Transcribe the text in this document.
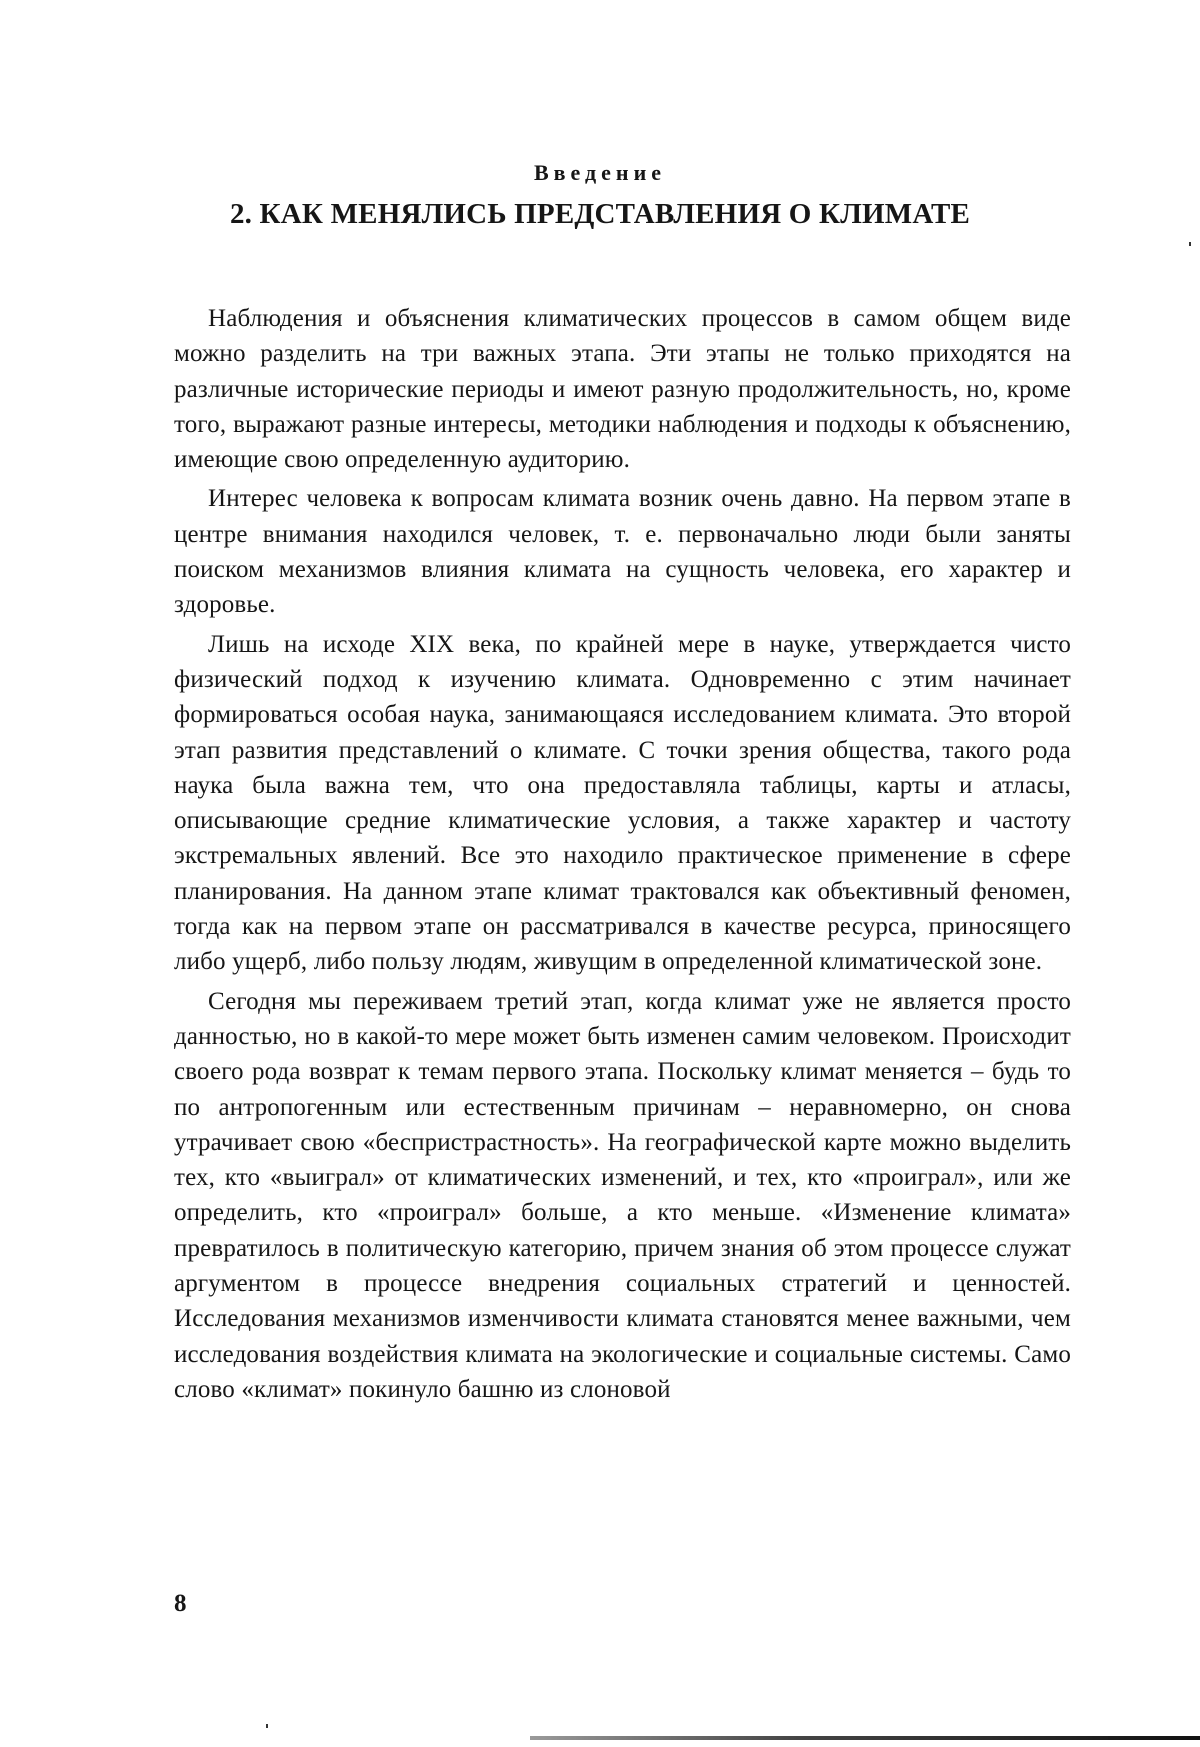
Введение
2. КАК МЕНЯЛИСЬ ПРЕДСТАВЛЕНИЯ О КЛИМАТЕ

Наблюдения и объяснения климатических процессов в самом общем виде можно разделить на три важных этапа. Эти этапы не только приходятся на различные исторические периоды и имеют разную продолжительность, но, кроме того, выражают разные интересы, методики наблюдения и подходы к объяснению, имеющие свою определенную аудиторию.

Интерес человека к вопросам климата возник очень давно. На первом этапе в центре внимания находился человек, т. е. первоначально люди были заняты поиском механизмов влияния климата на сущность человека, его характер и здоровье.

Лишь на исходе XIX века, по крайней мере в науке, утверждается чисто физический подход к изучению климата. Одновременно с этим начинает формироваться особая наука, занимающаяся исследованием климата. Это второй этап развития представлений о климате. С точки зрения общества, такого рода наука была важна тем, что она предоставляла таблицы, карты и атласы, описывающие средние климатические условия, а также характер и частоту экстремальных явлений. Все это находило практическое применение в сфере планирования. На данном этапе климат трактовался как объективный феномен, тогда как на первом этапе он рассматривался в качестве ресурса, приносящего либо ущерб, либо пользу людям, живущим в определенной климатической зоне.

Сегодня мы переживаем третий этап, когда климат уже не является просто данностью, но в какой-то мере может быть изменен самим человеком. Происходит своего рода возврат к темам первого этапа. Поскольку климат меняется – будь то по антропогенным или естественным причинам – неравномерно, он снова утрачивает свою «беспристрастность». На географической карте можно выделить тех, кто «выиграл» от климатических изменений, и тех, кто «проиграл», или же определить, кто «проиграл» больше, а кто меньше. «Изменение климата» превратилось в политическую категорию, причем знания об этом процессе служат аргументом в процессе внедрения социальных стратегий и ценностей. Исследования механизмов изменчивости климата становятся менее важными, чем исследования воздействия климата на экологические и социальные системы. Само слово «климат» покинуло башню из слоновой

8
